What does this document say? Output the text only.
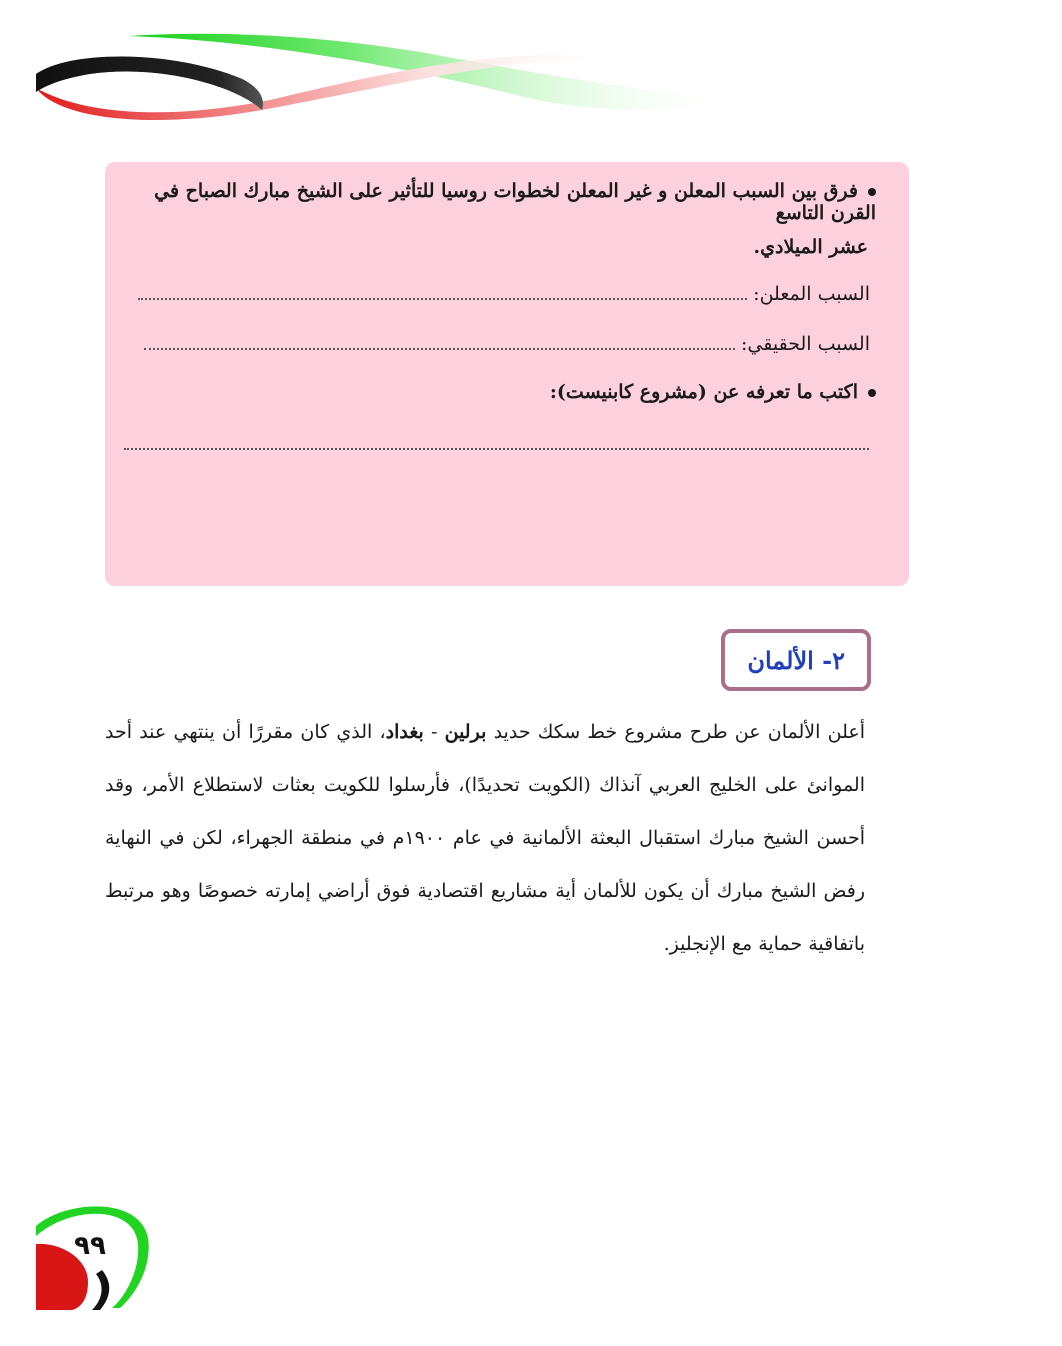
فرق بين السبب المعلن و غير المعلن لخطوات روسيا للتأثير على الشيخ مبارك الصباح في القرن التاسع
عشر الميلادي.
السبب المعلن:
السبب الحقيقي:
اكتب ما تعرفه عن (مشروع كابنيست):
٢- الألمان
أعلن الألمان عن طرح مشروع خط سكك حديد برلين - بغداد، الذي كان مقررًا أن ينتهي عند أحد الموانئ على الخليج العربي آنذاك (الكويت تحديدًا)، فأرسلوا للكويت بعثات لاستطلاع الأمر، وقد أحسن الشيخ مبارك استقبال البعثة الألمانية في عام ١٩٠٠م في منطقة الجهراء، لكن في النهاية رفض الشيخ مبارك أن يكون للألمان أية مشاريع اقتصادية فوق أراضي إمارته خصوصًا وهو مرتبط باتفاقية حماية مع الإنجليز.
٩٩
